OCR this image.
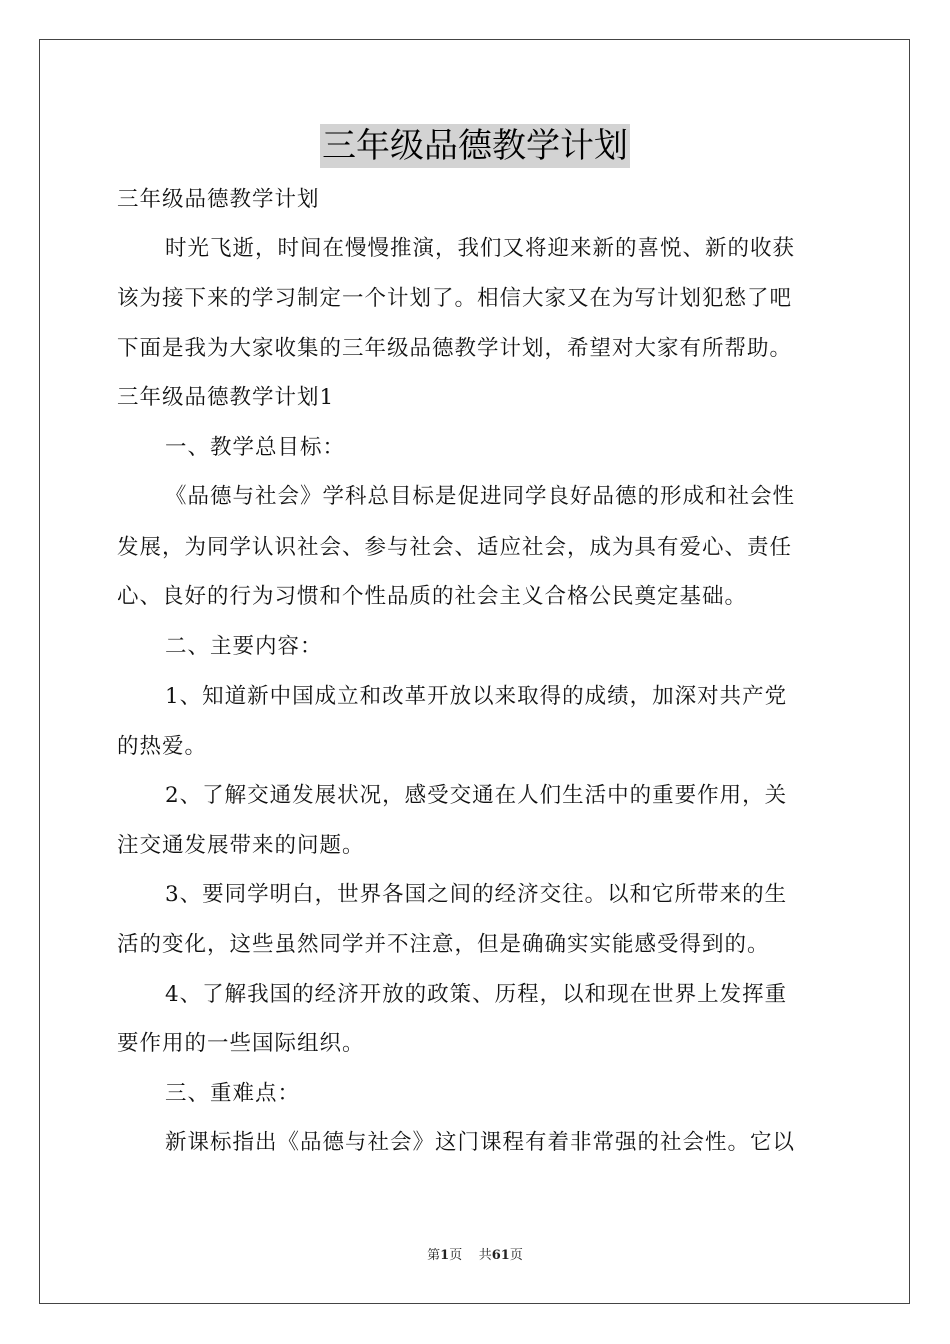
三年级品德教学计划
三年级品德教学计划
时光飞逝，时间在慢慢推演，我们又将迎来新的喜悦、新的收获
该为接下来的学习制定一个计划了。相信大家又在为写计划犯愁了吧
下面是我为大家收集的三年级品德教学计划，希望对大家有所帮助。
三年级品德教学计划1
一、教学总目标：
《品德与社会》学科总目标是促进同学良好品德的形成和社会性
发展，为同学认识社会、参与社会、适应社会，成为具有爱心、责任
心、良好的行为习惯和个性品质的社会主义合格公民奠定基础。
二、主要内容：
1、知道新中国成立和改革开放以来取得的成绩，加深对共产党
的热爱。
2、了解交通发展状况，感受交通在人们生活中的重要作用，关
注交通发展带来的问题。
3、要同学明白，世界各国之间的经济交往。以和它所带来的生
活的变化，这些虽然同学并不注意，但是确确实实能感受得到的。
4、了解我国的经济开放的政策、历程，以和现在世界上发挥重
要作用的一些国际组织。
三、重难点：
新课标指出《品德与社会》这门课程有着非常强的社会性。它以
第1页 共61页
